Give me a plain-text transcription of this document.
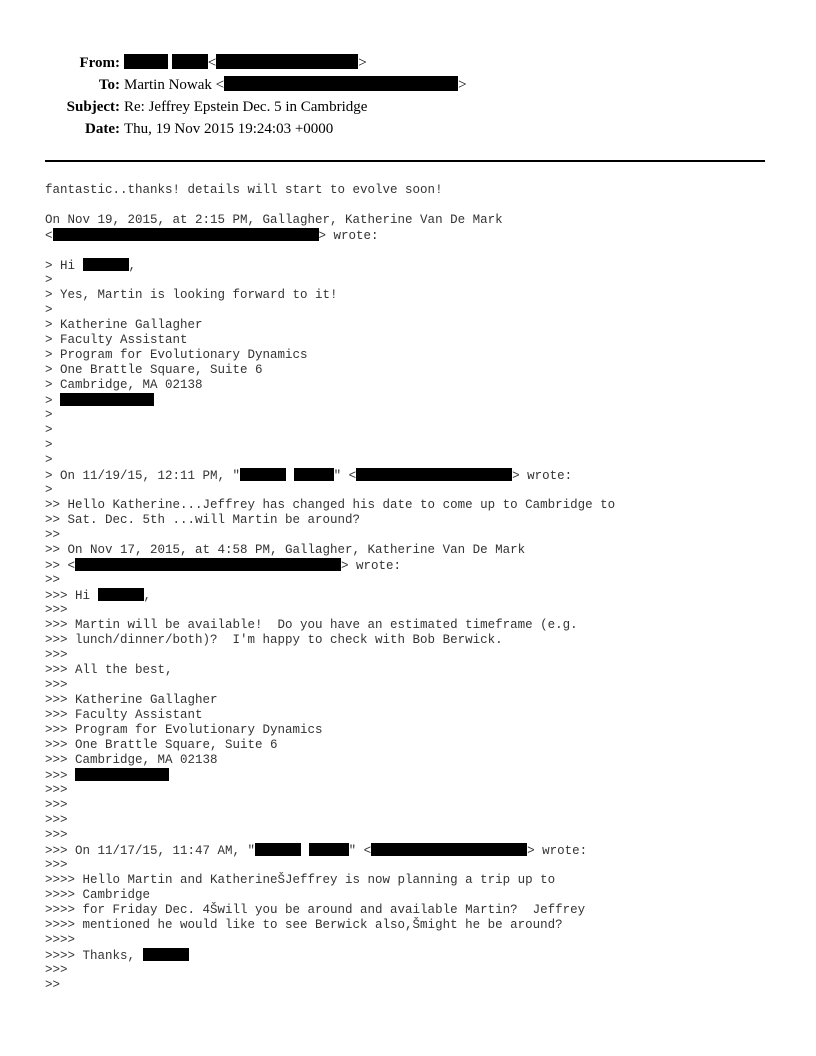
From:	<	>
To: Martin Nowak <	>
Subject: Re: Jeffrey Epstein Dec. 5 in Cambridge
Date: Thu, 19 Nov 2015 19:24:03 +0000
fantastic..thanks! details will start to evolve soon!
On Nov 19, 2015, at 2:15 PM, Gallagher, Katherine Van De Mark
<	> wrote:
> Hi	,
>
> Yes, Martin is looking forward to it!
>
> Katherine Gallagher
> Faculty Assistant
> Program for Evolutionary Dynamics
> One Brattle Square, Suite 6
> Cambridge, MA 02138
>
>
>
>
>
> On 11/19/15, 12:11 PM, "	" <	> wrote:
>
>> Hello Katherine...Jeffrey has changed his date to come up to Cambridge to
>> Sat. Dec. 5th ...will Martin be around?
>>
>> On Nov 17, 2015, at 4:58 PM, Gallagher, Katherine Van De Mark
>> <	> wrote:
>>
>>> Hi	,
>>>
>>> Martin will be available!  Do you have an estimated timeframe (e.g.
>>> lunch/dinner/both)?  I'm happy to check with Bob Berwick.
>>>
>>> All the best,
>>>
>>> Katherine Gallagher
>>> Faculty Assistant
>>> Program for Evolutionary Dynamics
>>> One Brattle Square, Suite 6
>>> Cambridge, MA 02138
>>>
>>>
>>>
>>>
>>>
>>> On 11/17/15, 11:47 AM, "	" <	> wrote:
>>>
>>>> Hello Martin and KatherineŠJeffrey is now planning a trip up to
>>>> Cambridge
>>>> for Friday Dec. 4Šwill you be around and available Martin?  Jeffrey
>>>> mentioned he would like to see Berwick also,Šmight he be around?
>>>>
>>>> Thanks,
>>>
>>
